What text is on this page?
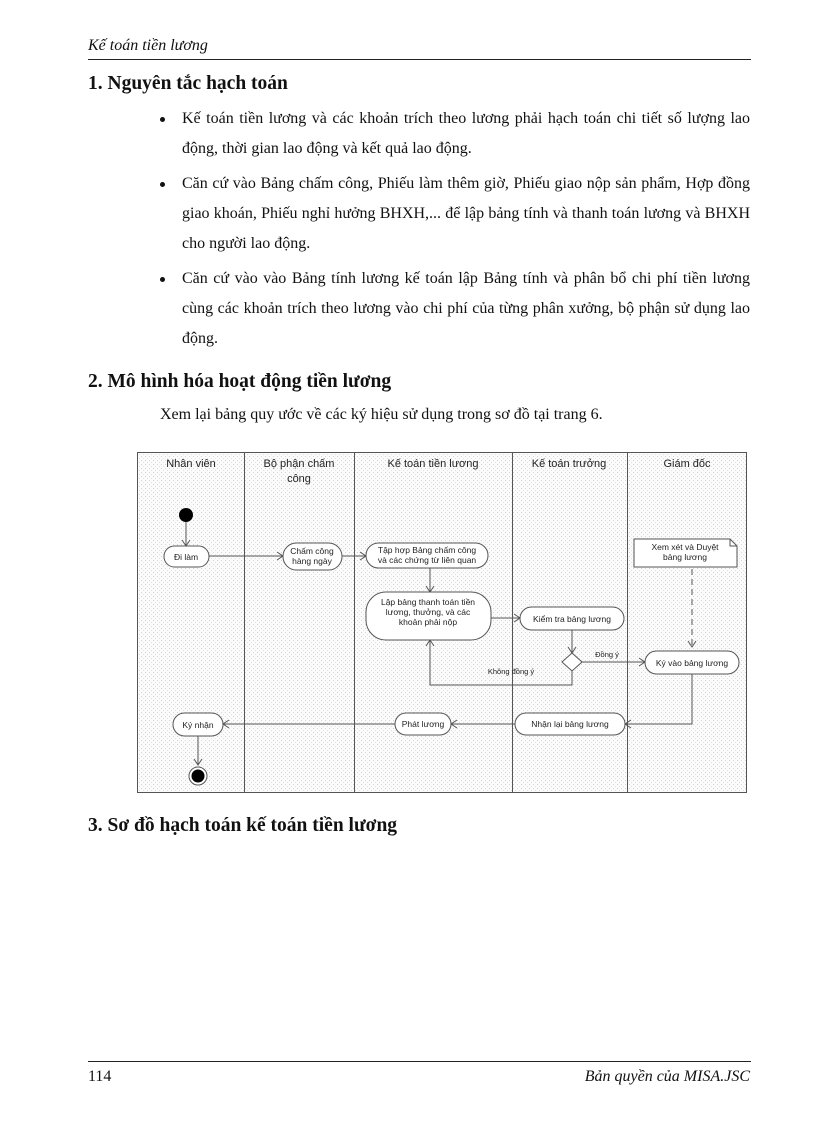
Kế toán tiền lương
1. Nguyên tắc hạch toán
Kế toán tiền lương và các khoản trích theo lương phải hạch toán chi tiết số lượng lao động, thời gian lao động và kết quả lao động.
Căn cứ vào Bảng chấm công, Phiếu làm thêm giờ, Phiếu giao nộp sản phẩm, Hợp đồng giao khoán, Phiếu nghỉ hưởng BHXH,... để lập bảng tính và thanh toán lương và BHXH cho người lao động.
Căn cứ vào vào Bảng tính lương kế toán lập Bảng tính và phân bổ chi phí tiền lương cùng các khoản trích theo lương vào chi phí của từng phân xưởng, bộ phận sử dụng lao động.
2. Mô hình hóa hoạt động tiền lương
Xem lại bảng quy ước về các ký hiệu sử dụng trong sơ đồ tại trang 6.
Nhân viên	Bộ phận chấm
công
Kế toán tiền lương	Kế toán trưởng	Giám đốc
Đi làm
Chấm công
hàng ngày
Tập hợp Bảng chấm công
và các chứng từ liên quan
Lập bảng thanh toán tiền
lương, thưởng, và các
khoản phải nộp	Kiểm tra bảng lương
Xem xét và Duyệt
bảng lương
Ký vào bảng lương
Nhận lại bảng lương
Phát lương
Ký nhận
Đồng ý
Không đồng ý
3. Sơ đồ hạch toán kế toán tiền lương
114	Bản quyền của MISA.JSC
